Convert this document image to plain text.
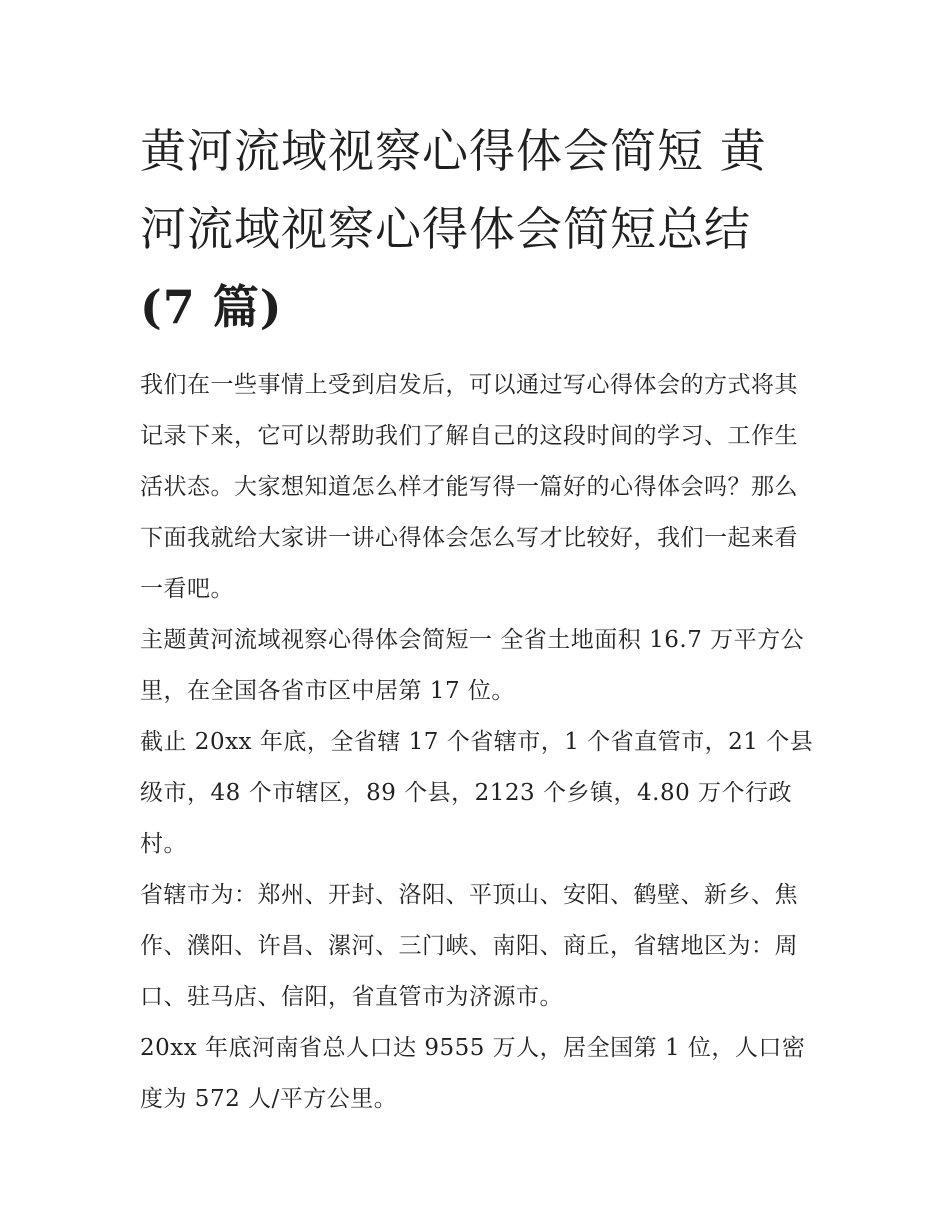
黄河流域视察心得体会简短 黄
河流域视察心得体会简短总结
(7 篇)

我们在一些事情上受到启发后，可以通过写心得体会的方式将其记录下来，它可以帮助我们了解自己的这段时间的学习、工作生活状态。大家想知道怎么样才能写得一篇好的心得体会吗？那么下面我就给大家讲一讲心得体会怎么写才比较好，我们一起来看一看吧。

主题黄河流域视察心得体会简短一 全省土地面积 16.7 万平方公里，在全国各省市区中居第 17 位。

截止 20xx 年底，全省辖 17 个省辖市，1 个省直管市，21 个县级市，48 个市辖区，89 个县，2123 个乡镇，4.80 万个行政村。

省辖市为：郑州、开封、洛阳、平顶山、安阳、鹤壁、新乡、焦作、濮阳、许昌、漯河、三门峡、南阳、商丘，省辖地区为：周口、驻马店、信阳，省直管市为济源市。

20xx 年底河南省总人口达 9555 万人，居全国第 1 位，人口密度为 572 人/平方公里。
